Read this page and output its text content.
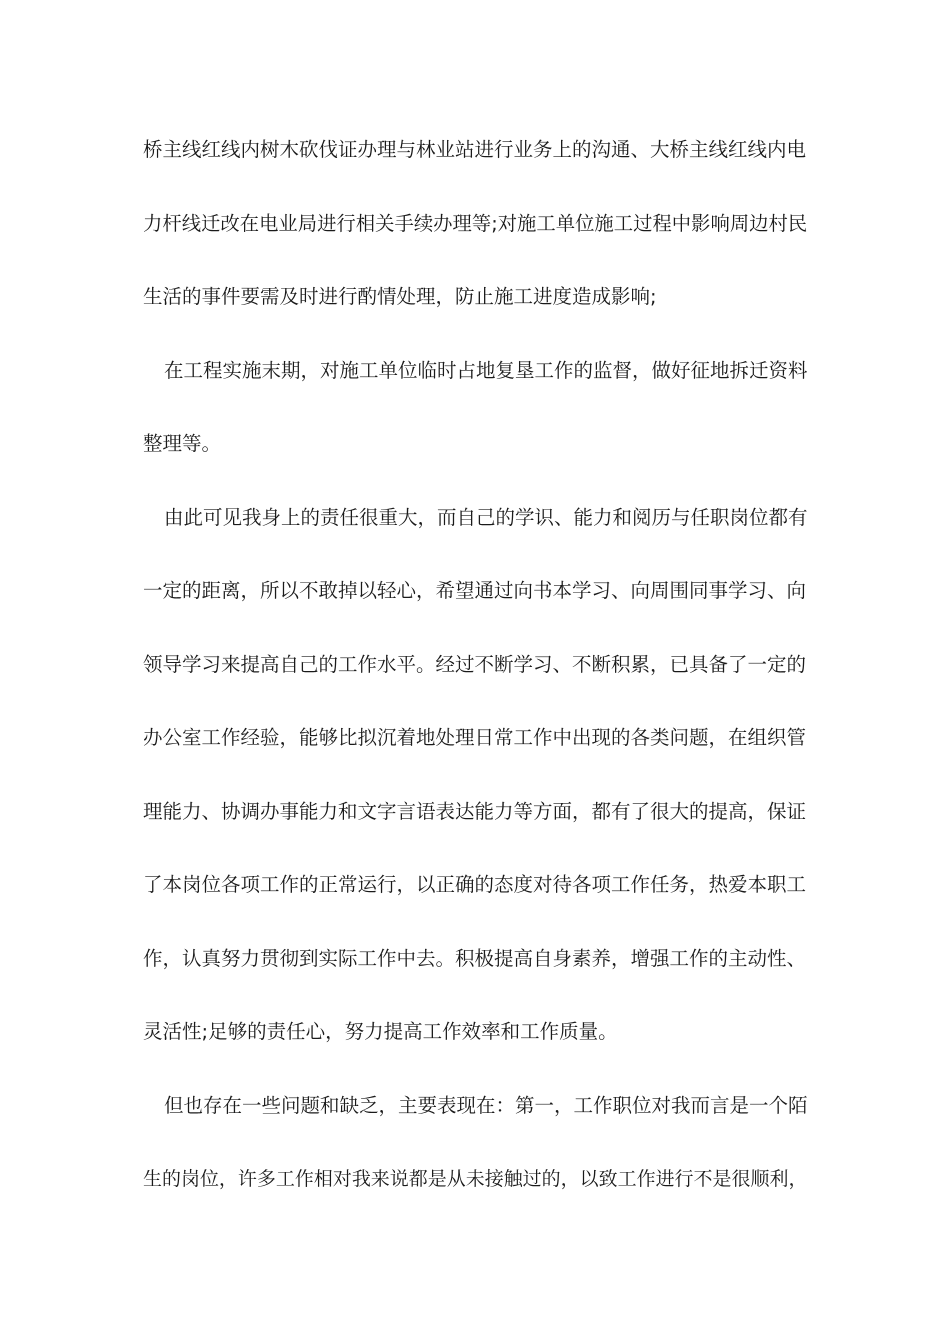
桥主线红线内树木砍伐证办理与林业站进行业务上的沟通、大桥主线红线内电
力杆线迁改在电业局进行相关手续办理等;对施工单位施工过程中影响周边村民
生活的事件要需及时进行酌情处理，防止施工进度造成影响;
在工程实施末期，对施工单位临时占地复垦工作的监督，做好征地拆迁资料
整理等。
由此可见我身上的责任很重大，而自己的学识、能力和阅历与任职岗位都有
一定的距离，所以不敢掉以轻心，希望通过向书本学习、向周围同事学习、向
领导学习来提高自己的工作水平。经过不断学习、不断积累，已具备了一定的
办公室工作经验，能够比拟沉着地处理日常工作中出现的各类问题，在组织管
理能力、协调办事能力和文字言语表达能力等方面，都有了很大的提高，保证
了本岗位各项工作的正常运行，以正确的态度对待各项工作任务，热爱本职工
作，认真努力贯彻到实际工作中去。积极提高自身素养，增强工作的主动性、
灵活性;足够的责任心，努力提高工作效率和工作质量。
但也存在一些问题和缺乏，主要表现在：第一，工作职位对我而言是一个陌
生的岗位，许多工作相对我来说都是从未接触过的，以致工作进行不是很顺利，
